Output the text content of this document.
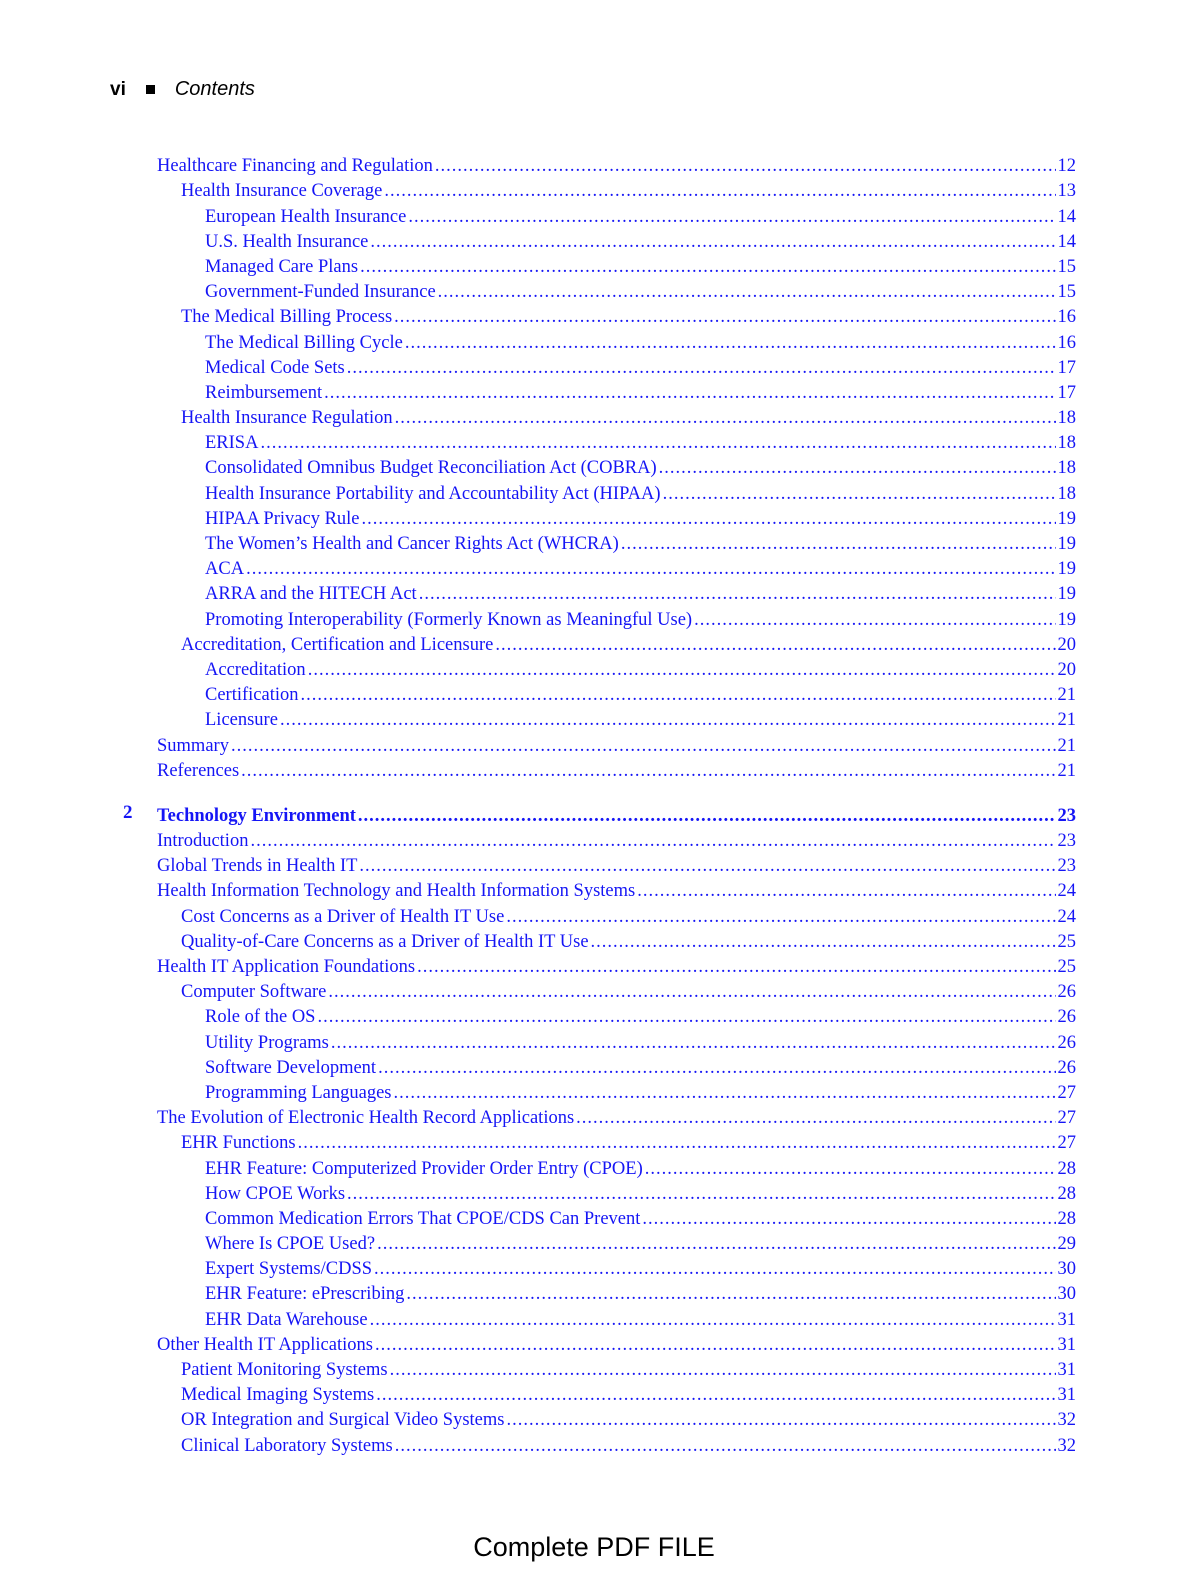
vi Contents
Healthcare Financing and Regulation .....	12
Health Insurance Coverage .....	13
European Health Insurance .....	14
U.S. Health Insurance .....	14
Managed Care Plans .....	15
Government-Funded Insurance .....	15
The Medical Billing Process .....	16
The Medical Billing Cycle .....	16
Medical Code Sets .....	17
Reimbursement .....	17
Health Insurance Regulation .....	18
ERISA .....	18
Consolidated Omnibus Budget Reconciliation Act (COBRA) .....	18
Health Insurance Portability and Accountability Act (HIPAA) .....	18
HIPAA Privacy Rule .....	19
The Women’s Health and Cancer Rights Act (WHCRA) .....	19
ACA .....	19
ARRA and the HITECH Act .....	19
Promoting Interoperability (Formerly Known as Meaningful Use) .....	19
Accreditation, Certification and Licensure .....	20
Accreditation .....	20
Certification .....	21
Licensure .....	21
Summary .....	21
References .....	21
2 Technology Environment .....	23
Introduction .....	23
Global Trends in Health IT .....	23
Health Information Technology and Health Information Systems .....	24
Cost Concerns as a Driver of Health IT Use .....	24
Quality-of-Care Concerns as a Driver of Health IT Use .....	25
Health IT Application Foundations .....	25
Computer Software .....	26
Role of the OS .....	26
Utility Programs .....	26
Software Development .....	26
Programming Languages .....	27
The Evolution of Electronic Health Record Applications .....	27
EHR Functions .....	27
EHR Feature: Computerized Provider Order Entry (CPOE) .....	28
How CPOE Works .....	28
Common Medication Errors That CPOE/CDS Can Prevent .....	28
Where Is CPOE Used? .....	29
Expert Systems/CDSS .....	30
EHR Feature: ePrescribing .....	30
EHR Data Warehouse .....	31
Other Health IT Applications .....	31
Patient Monitoring Systems .....	31
Medical Imaging Systems .....	31
OR Integration and Surgical Video Systems .....	32
Clinical Laboratory Systems .....	32
Complete PDF FILE
